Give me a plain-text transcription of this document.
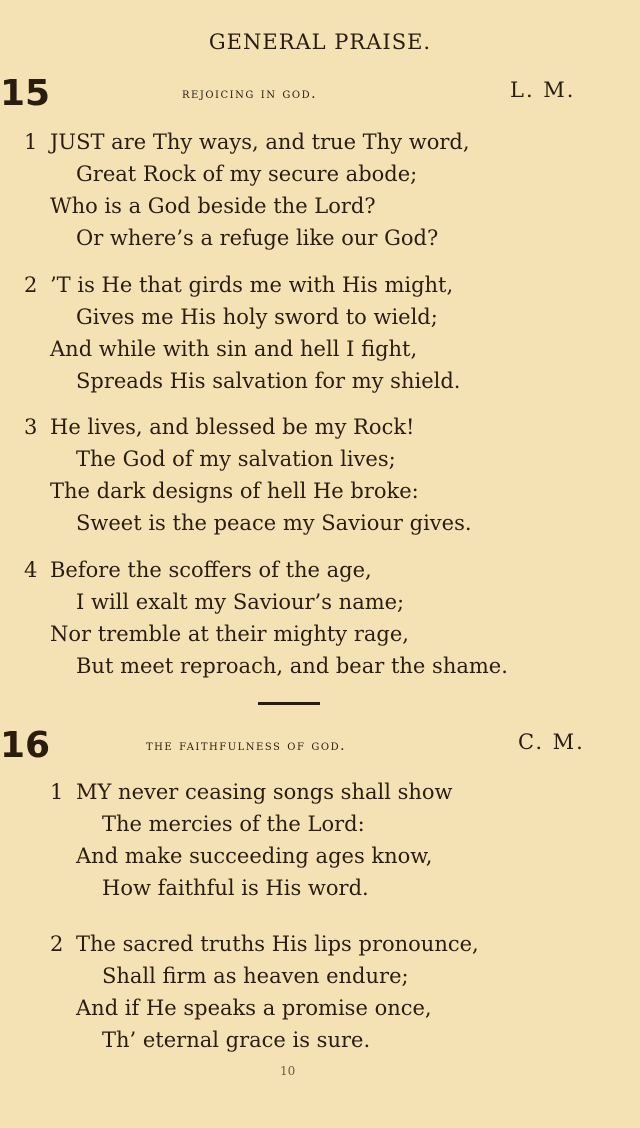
GENERAL PRAISE.
15	rejoicing in god.	L. M.
1 JUST are Thy ways, and true Thy word,
Great Rock of my secure abode;
Who is a God beside the Lord?
Or where’s a refuge like our God?
2 ’T is He that girds me with His might,
Gives me His holy sword to wield;
And while with sin and hell I fight,
Spreads His salvation for my shield.
3 He lives, and blessed be my Rock!
The God of my salvation lives;
The dark designs of hell He broke:
Sweet is the peace my Saviour gives.
4 Before the scoffers of the age,
I will exalt my Saviour’s name;
Nor tremble at their mighty rage,
But meet reproach, and bear the shame.
16	the faithfulness of god.	C. M.
1 MY never ceasing songs shall show
The mercies of the Lord:
And make succeeding ages know,
How faithful is His word.
2 The sacred truths His lips pronounce,
Shall firm as heaven endure;
And if He speaks a promise once,
Th’ eternal grace is sure.
10
